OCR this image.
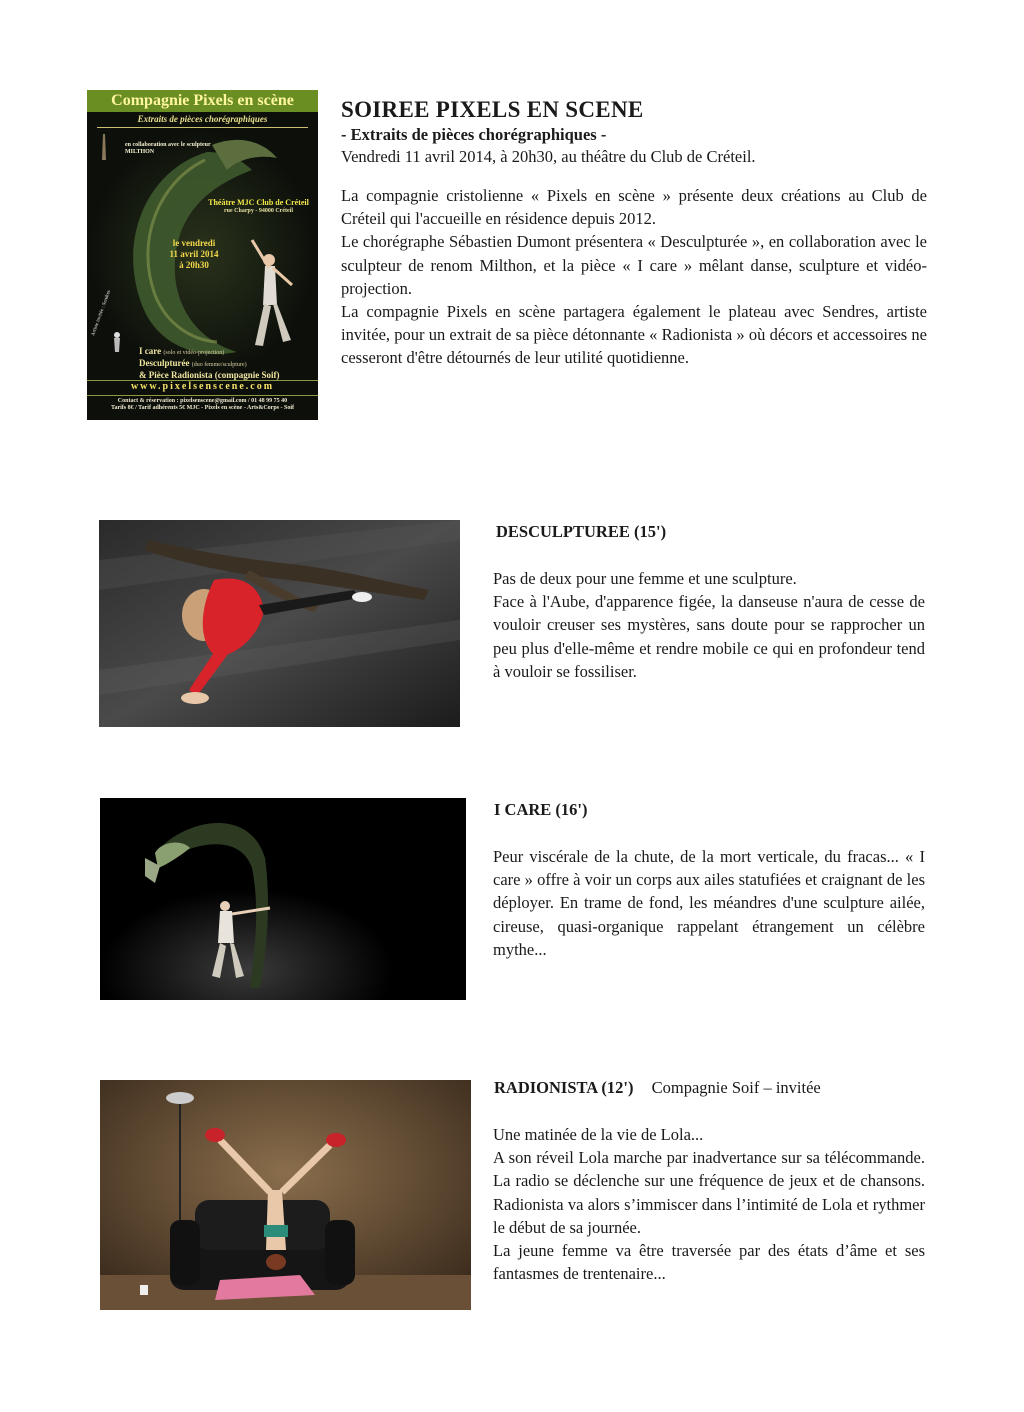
Compagnie Pixels en scène
Extraits de pièces chorégraphiques
en collaboration avec le sculpteur MILTHON
Théâtre MJC Club de Créteil
rue Charpy - 94000 Créteil
le vendredi
11 avril 2014
à 20h30
Artiste invitée : Sendres
I care (solo et vidéo-projection)
Desculpturée (duo femme/sculpture)
& Pièce Radionista (compagnie Soif)
www.pixelsenscene.com
Contact & réservation : pixelsenscene@gmail.com / 01 48 99 75 40
Tarifs 8€ / Tarif adhérents 5€ MJC - Pixels en scène - Arts&Corps - Soif
SOIREE PIXELS EN SCENE
- Extraits de pièces chorégraphiques -
Vendredi 11 avril 2014, à 20h30, au théâtre du Club de Créteil.

La compagnie cristolienne « Pixels en scène » présente deux créations au Club de Créteil qui l'accueille en résidence depuis 2012.

Le chorégraphe Sébastien Dumont présentera « Desculpturée », en collaboration avec le sculpteur de renom Milthon, et la pièce « I care » mêlant danse, sculpture et vidéo-projection.

La compagnie Pixels en scène partagera également le plateau avec Sendres, artiste invitée, pour un extrait de sa pièce détonnante « Radionista » où décors et accessoires ne cesseront d'être détournés de leur utilité quotidienne.

DESCULPTUREE (15')

Pas de deux pour une femme et une sculpture.

Face à l'Aube, d'apparence figée, la danseuse n'aura de cesse de vouloir creuser ses mystères, sans doute pour se rapprocher un peu plus d'elle-même et rendre mobile ce qui en profondeur tend à vouloir se fossiliser.

I CARE (16')

Peur viscérale de la chute, de la mort verticale, du fracas... « I care » offre à voir un corps aux ailes statufiées et craignant de les déployer. En trame de fond, les méandres d'une sculpture ailée, cireuse, quasi-organique rappelant étrangement un célèbre mythe...

RADIONISTA (12') Compagnie Soif – invitée

Une matinée de la vie de Lola...

A son réveil Lola marche par inadvertance sur sa télécommande. La radio se déclenche sur une fréquence de jeux et de chansons. Radionista va alors s’immiscer dans l’intimité de Lola et rythmer le début de sa journée.

La jeune femme va être traversée par des états d’âme et ses fantasmes de trentenaire...
